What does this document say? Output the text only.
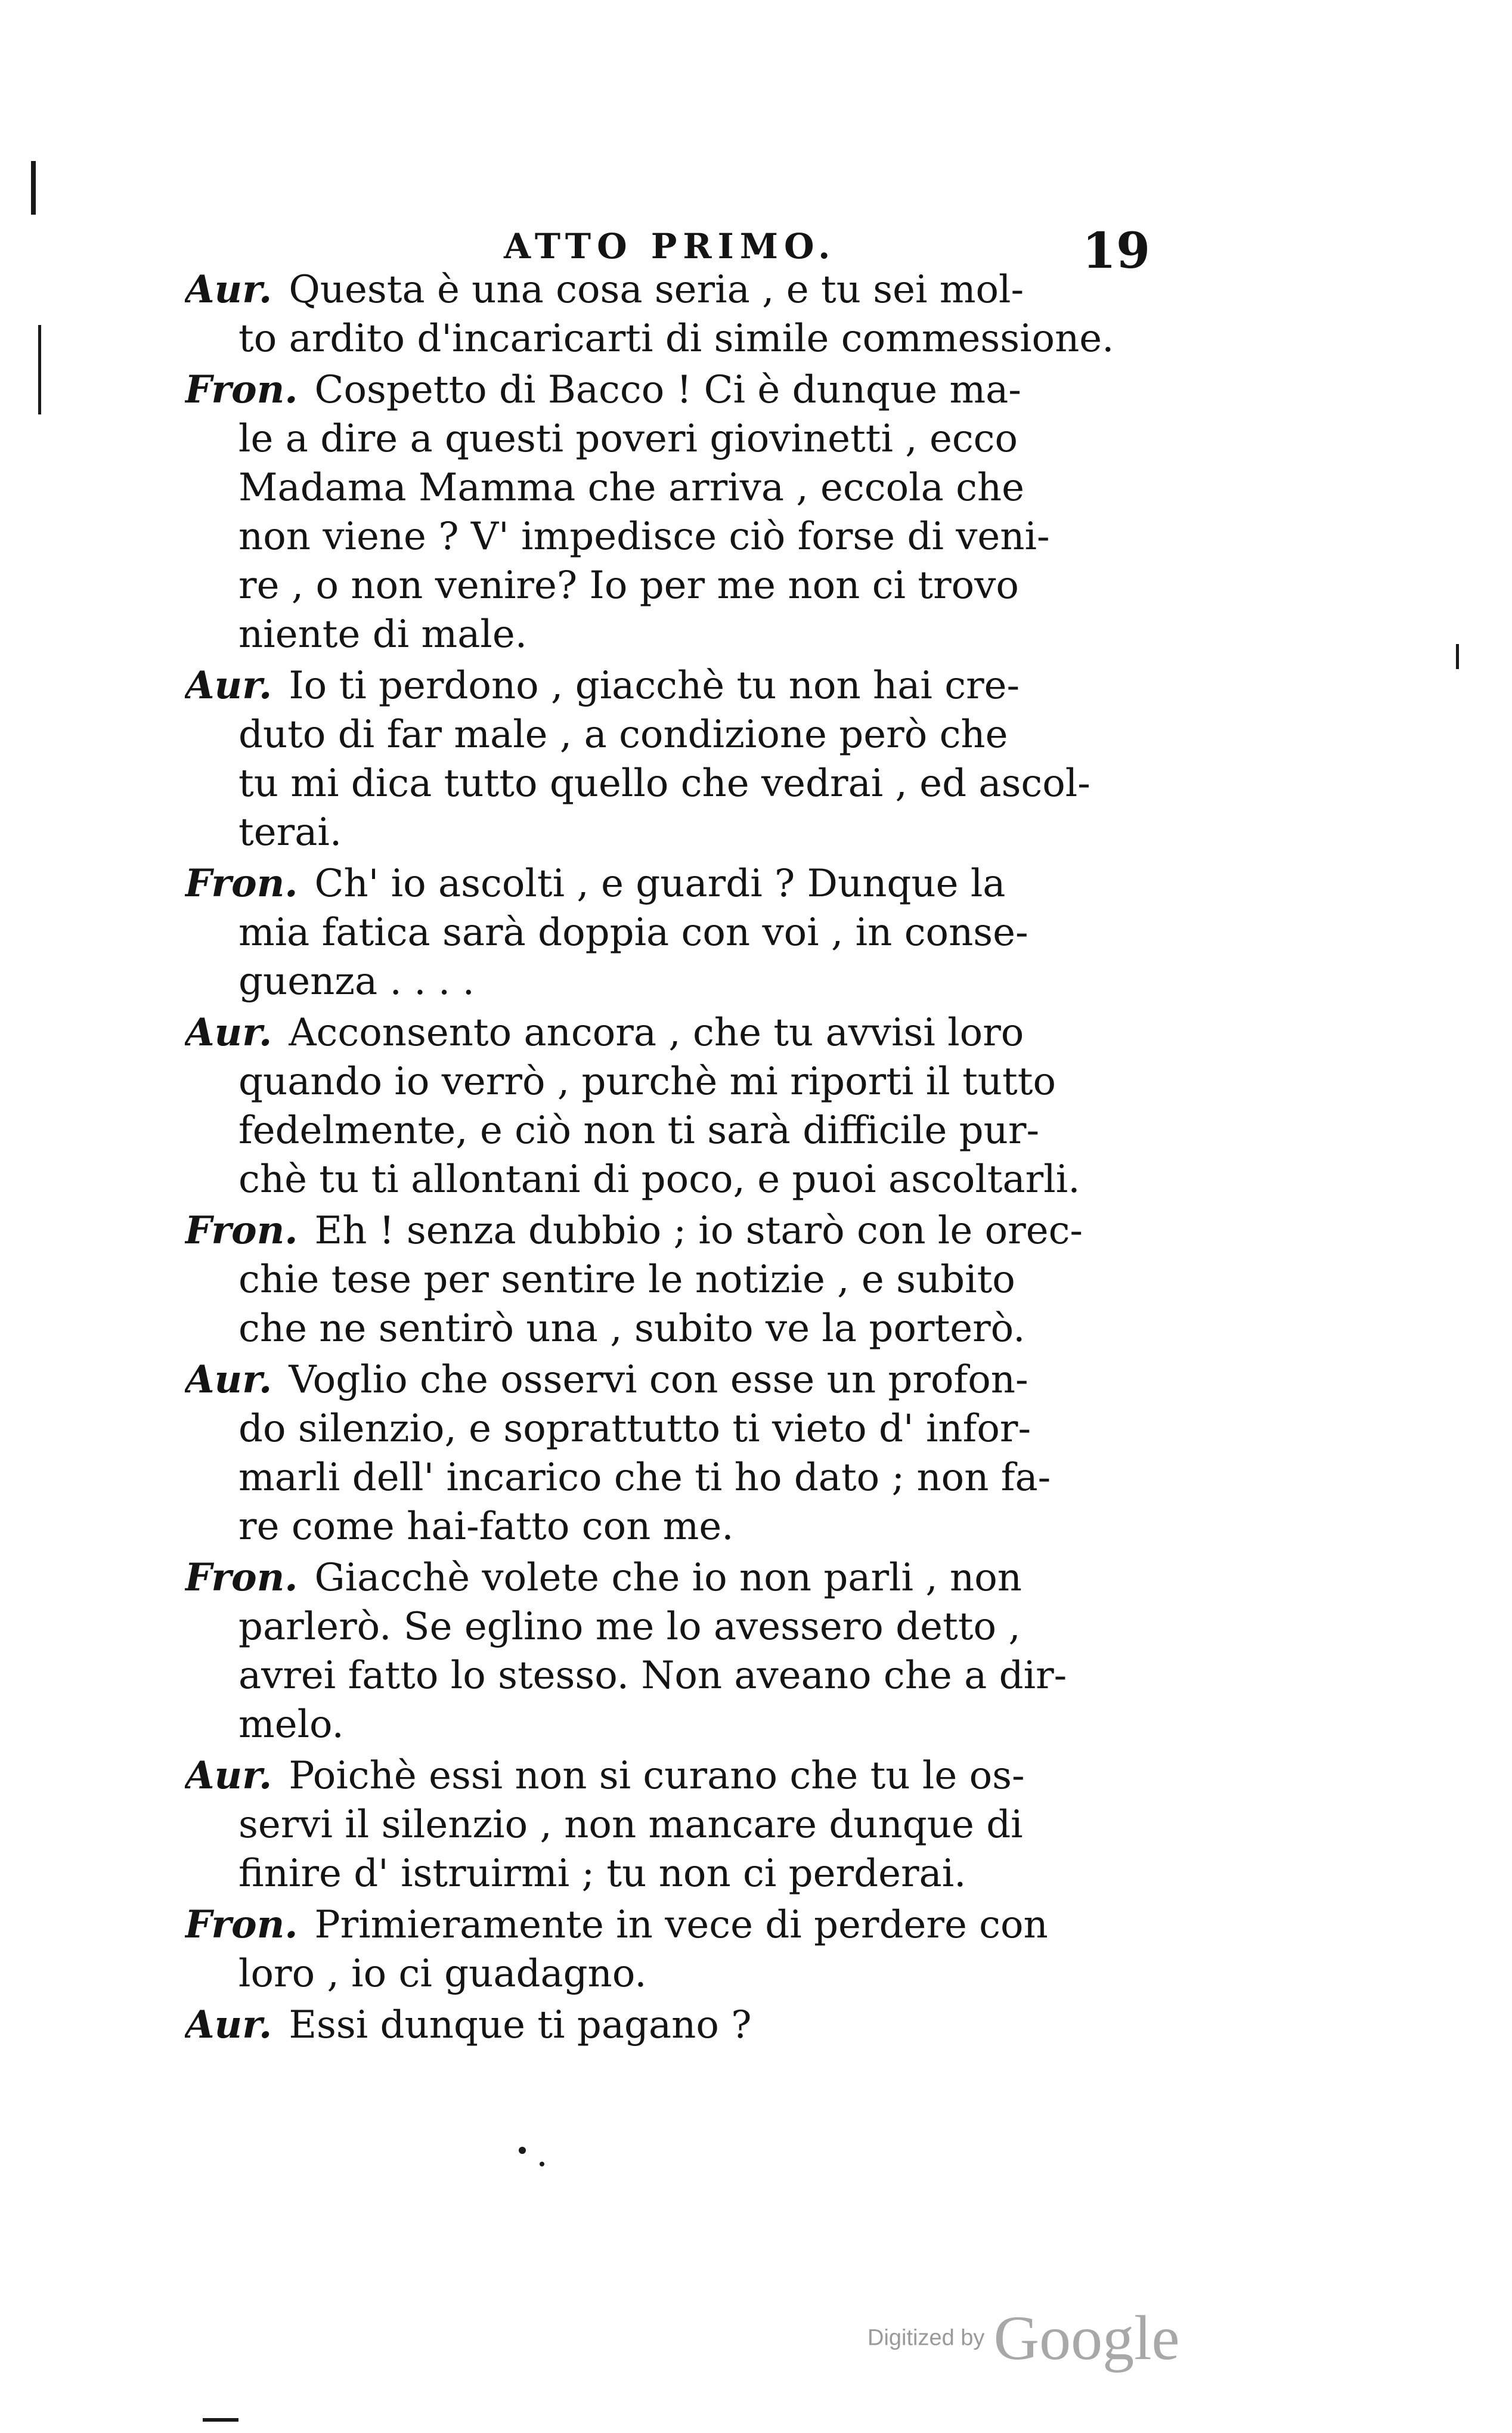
ATTO PRIMO.	19
Aur. Questa è una cosa seria , e tu sei mol-
to ardito d'incaricarti di simile commessione.
Fron. Cospetto di Bacco ! Ci è dunque ma-
le a dire a questi poveri giovinetti , ecco
Madama Mamma che arriva , eccola che
non viene ? V' impedisce ciò forse di veni-
re , o non venire? Io per me non ci trovo
niente di male.
Aur. Io ti perdono , giacchè tu non hai cre-
duto di far male , a condizione però che
tu mi dica tutto quello che vedrai , ed ascol-
terai.
Fron. Ch' io ascolti , e guardi ? Dunque la
mia fatica sarà doppia con voi , in conse-
guenza . . . .
Aur. Acconsento ancora , che tu avvisi loro
quando io verrò , purchè mi riporti il tutto
fedelmente, e ciò non ti sarà difficile pur-
chè tu ti allontani di poco, e puoi ascoltarli.
Fron. Eh ! senza dubbio ; io starò con le orec-
chie tese per sentire le notizie , e subito
che ne sentirò una , subito ve la porterò.
Aur. Voglio che osservi con esse un profon-
do silenzio, e soprattutto ti vieto d' infor-
marli dell' incarico che ti ho dato ; non fa-
re come hai-fatto con me.
Fron. Giacchè volete che io non parli , non
parlerò. Se eglino me lo avessero detto ,
avrei fatto lo stesso. Non aveano che a dir-
melo.
Aur. Poichè essi non si curano che tu le os-
servi il silenzio , non mancare dunque di
finire d' istruirmi ; tu non ci perderai.
Fron. Primieramente in vece di perdere con
loro , io ci guadagno.
Aur. Essi dunque ti pagano ?
Digitized by Google
